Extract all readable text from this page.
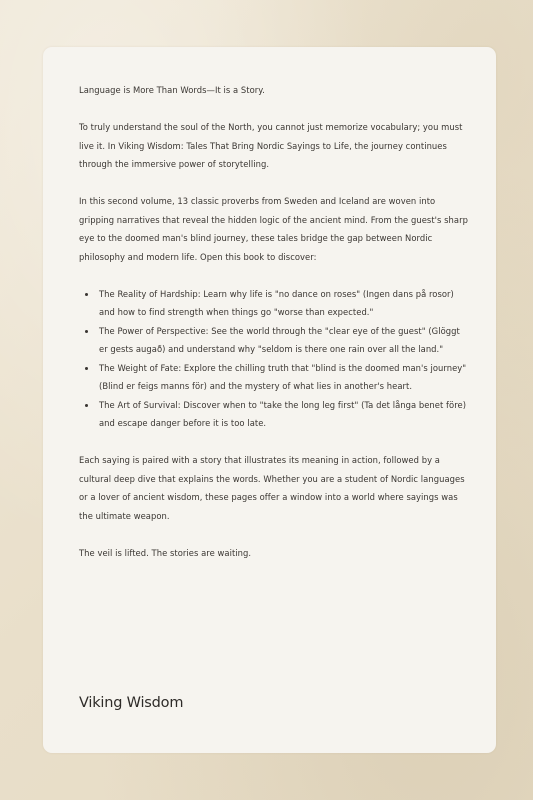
Language is More Than Words—It is a Story.

To truly understand the soul of the North, you cannot just memorize vocabulary; you must live it. In Viking Wisdom: Tales That Bring Nordic Sayings to Life, the journey continues through the immersive power of storytelling.

In this second volume, 13 classic proverbs from Sweden and Iceland are woven into gripping narratives that reveal the hidden logic of the ancient mind. From the guest's sharp eye to the doomed man's blind journey, these tales bridge the gap between Nordic philosophy and modern life. Open this book to discover:

• The Reality of Hardship: Learn why life is "no dance on roses" (Ingen dans på rosor) and how to find strength when things go "worse than expected."
• The Power of Perspective: See the world through the "clear eye of the guest" (Glöggt er gests augað) and understand why "seldom is there one rain over all the land."
• The Weight of Fate: Explore the chilling truth that "blind is the doomed man's journey" (Blind er feigs manns för) and the mystery of what lies in another's heart.
• The Art of Survival: Discover when to "take the long leg first" (Ta det långa benet före) and escape danger before it is too late.

Each saying is paired with a story that illustrates its meaning in action, followed by a cultural deep dive that explains the words. Whether you are a student of Nordic languages or a lover of ancient wisdom, these pages offer a window into a world where sayings was the ultimate weapon.

The veil is lifted. The stories are waiting.

Viking Wisdom
